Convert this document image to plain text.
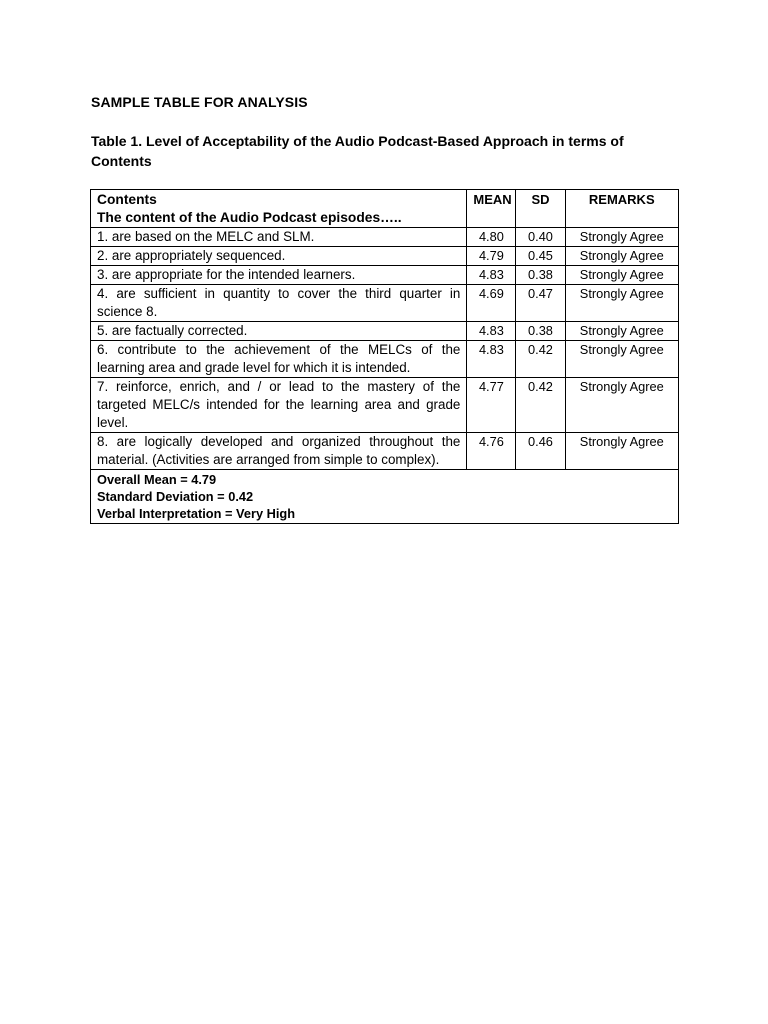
SAMPLE TABLE FOR ANALYSIS

Table 1. Level of Acceptability of the Audio Podcast-Based Approach in terms of Contents

Contents
The content of the Audio Podcast episodes…..	MEAN	SD	REMARKS
1. are based on the MELC and SLM.	4.80	0.40	Strongly Agree
2. are appropriately sequenced.	4.79	0.45	Strongly Agree
3. are appropriate for the intended learners.	4.83	0.38	Strongly Agree
4. are sufficient in quantity to cover the third quarter in science 8.	4.69	0.47	Strongly Agree
5. are factually corrected.	4.83	0.38	Strongly Agree
6. contribute to the achievement of the MELCs of the learning area and grade level for which it is intended.	4.83	0.42	Strongly Agree
7. reinforce, enrich, and / or lead to the mastery of the targeted MELC/s intended for the learning area and grade level.	4.77	0.42	Strongly Agree
8. are logically developed and organized throughout the material. (Activities are arranged from simple to complex).	4.76	0.46	Strongly Agree

Overall Mean = 4.79
Standard Deviation = 0.42
Verbal Interpretation = Very High			
